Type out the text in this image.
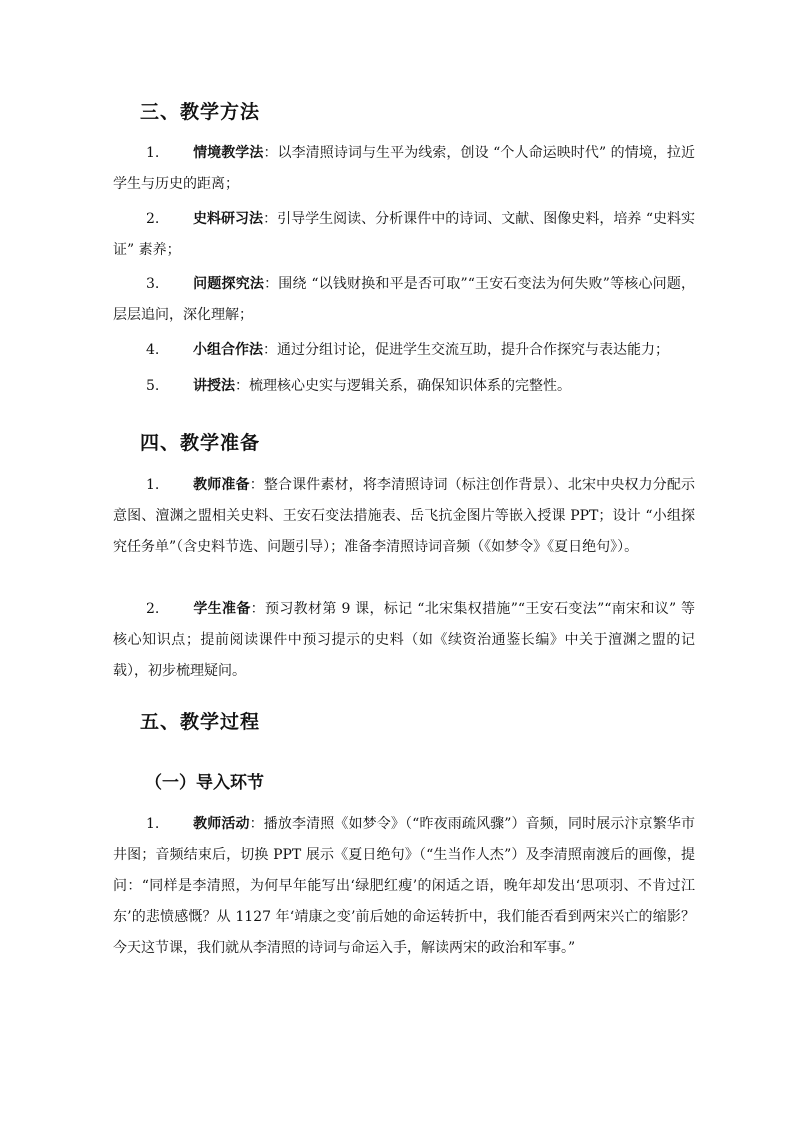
三、教学方法

1. 情境教学法：以李清照诗词与生平为线索，创设 “个人命运映时代” 的情境，拉近学生与历史的距离；

2. 史料研习法：引导学生阅读、分析课件中的诗词、文献、图像史料，培养 “史料实证” 素养；

3. 问题探究法：围绕 “以钱财换和平是否可取”“王安石变法为何失败”等核心问题，层层追问，深化理解；

4. 小组合作法：通过分组讨论，促进学生交流互助，提升合作探究与表达能力；

5. 讲授法：梳理核心史实与逻辑关系，确保知识体系的完整性。

四、教学准备

1. 教师准备：整合课件素材，将李清照诗词（标注创作背景）、北宋中央权力分配示意图、澶渊之盟相关史料、王安石变法措施表、岳飞抗金图片等嵌入授课 PPT；设计 “小组探究任务单”（含史料节选、问题引导）；准备李清照诗词音频（《如梦令》《夏日绝句》）。

2. 学生准备：预习教材第 9 课，标记 “北宋集权措施”“王安石变法”“南宋和议” 等核心知识点；提前阅读课件中预习提示的史料（如《续资治通鉴长编》中关于澶渊之盟的记载），初步梳理疑问。

五、教学过程
（一）导入环节

1. 教师活动：播放李清照《如梦令》（“昨夜雨疏风骤”）音频，同时展示汴京繁华市井图；音频结束后，切换 PPT 展示《夏日绝句》（“生当作人杰”）及李清照南渡后的画像，提问：“同样是李清照，为何早年能写出‘绿肥红瘦’的闲适之语，晚年却发出‘思项羽、不肯过江东’的悲愤感慨？从 1127 年‘靖康之变’前后她的命运转折中，我们能否看到两宋兴亡的缩影？今天这节课，我们就从李清照的诗词与命运入手，解读两宋的政治和军事。”
